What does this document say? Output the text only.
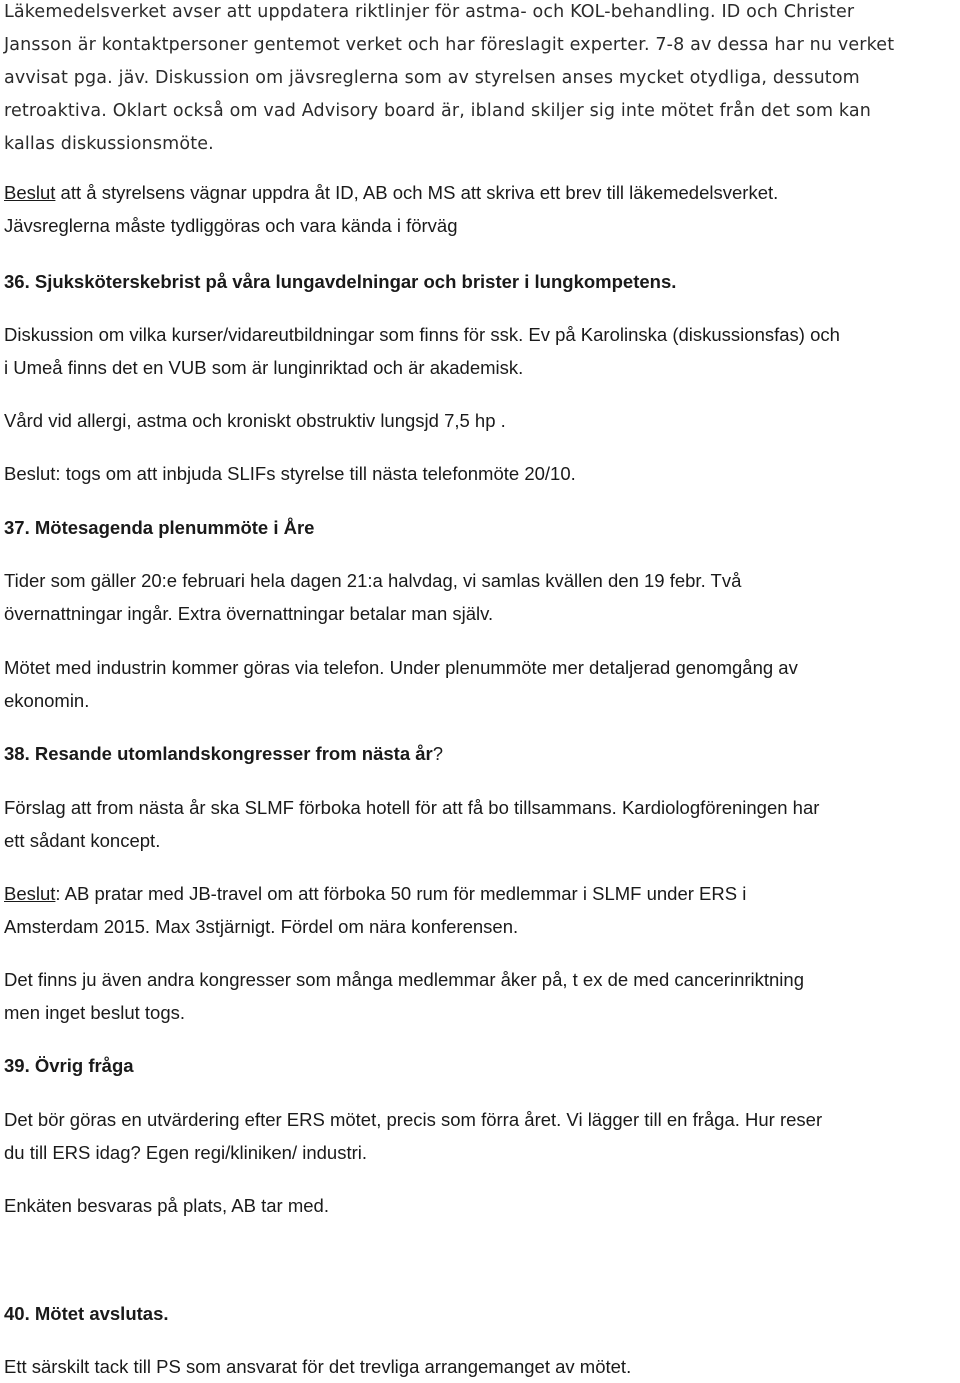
Läkemedelsverket avser att uppdatera riktlinjer för astma- och KOL-behandling. ID och Christer
Jansson är kontaktpersoner gentemot verket och har föreslagit experter. 7-8 av dessa har nu verket
avvisat pga. jäv. Diskussion om jävsreglerna som av styrelsen anses mycket otydliga, dessutom
retroaktiva. Oklart också om vad Advisory board är, ibland skiljer sig inte mötet från det som kan
kallas diskussionsmöte.
Beslut att å styrelsens vägnar uppdra åt ID, AB och MS att skriva ett brev till läkemedelsverket.
Jävsreglerna måste tydliggöras och vara kända i förväg
36. Sjuksköterskebrist på våra lungavdelningar och brister i lungkompetens.
Diskussion om vilka kurser/vidareutbildningar som finns för ssk. Ev på Karolinska (diskussionsfas) och
i Umeå finns det en VUB som är lunginriktad och är akademisk.
Vård vid allergi, astma och kroniskt obstruktiv lungsjd 7,5 hp .
Beslut: togs om att inbjuda SLIFs styrelse till nästa telefonmöte 20/10.
37. Mötesagenda plenummöte i Åre
Tider som gäller 20:e februari hela dagen 21:a halvdag, vi samlas kvällen den 19 febr. Två
övernattningar ingår. Extra övernattningar betalar man själv.
Mötet med industrin kommer göras via telefon. Under plenummöte mer detaljerad genomgång av
ekonomin.
38. Resande utomlandskongresser from nästa år?
Förslag att from nästa år ska SLMF förboka hotell för att få bo tillsammans. Kardiologföreningen har
ett sådant koncept.
Beslut: AB pratar med JB-travel om att förboka 50 rum för medlemmar i SLMF under ERS i
Amsterdam 2015. Max 3stjärnigt. Fördel om nära konferensen.
Det finns ju även andra kongresser som många medlemmar åker på, t ex de med cancerinriktning
men inget beslut togs.
39. Övrig fråga
Det bör göras en utvärdering efter ERS mötet, precis som förra året. Vi lägger till en fråga. Hur reser
du till ERS idag? Egen regi/kliniken/ industri.
Enkäten besvaras på plats, AB tar med.
40. Mötet avslutas.
Ett särskilt tack till PS som ansvarat för det trevliga arrangemanget av mötet.
